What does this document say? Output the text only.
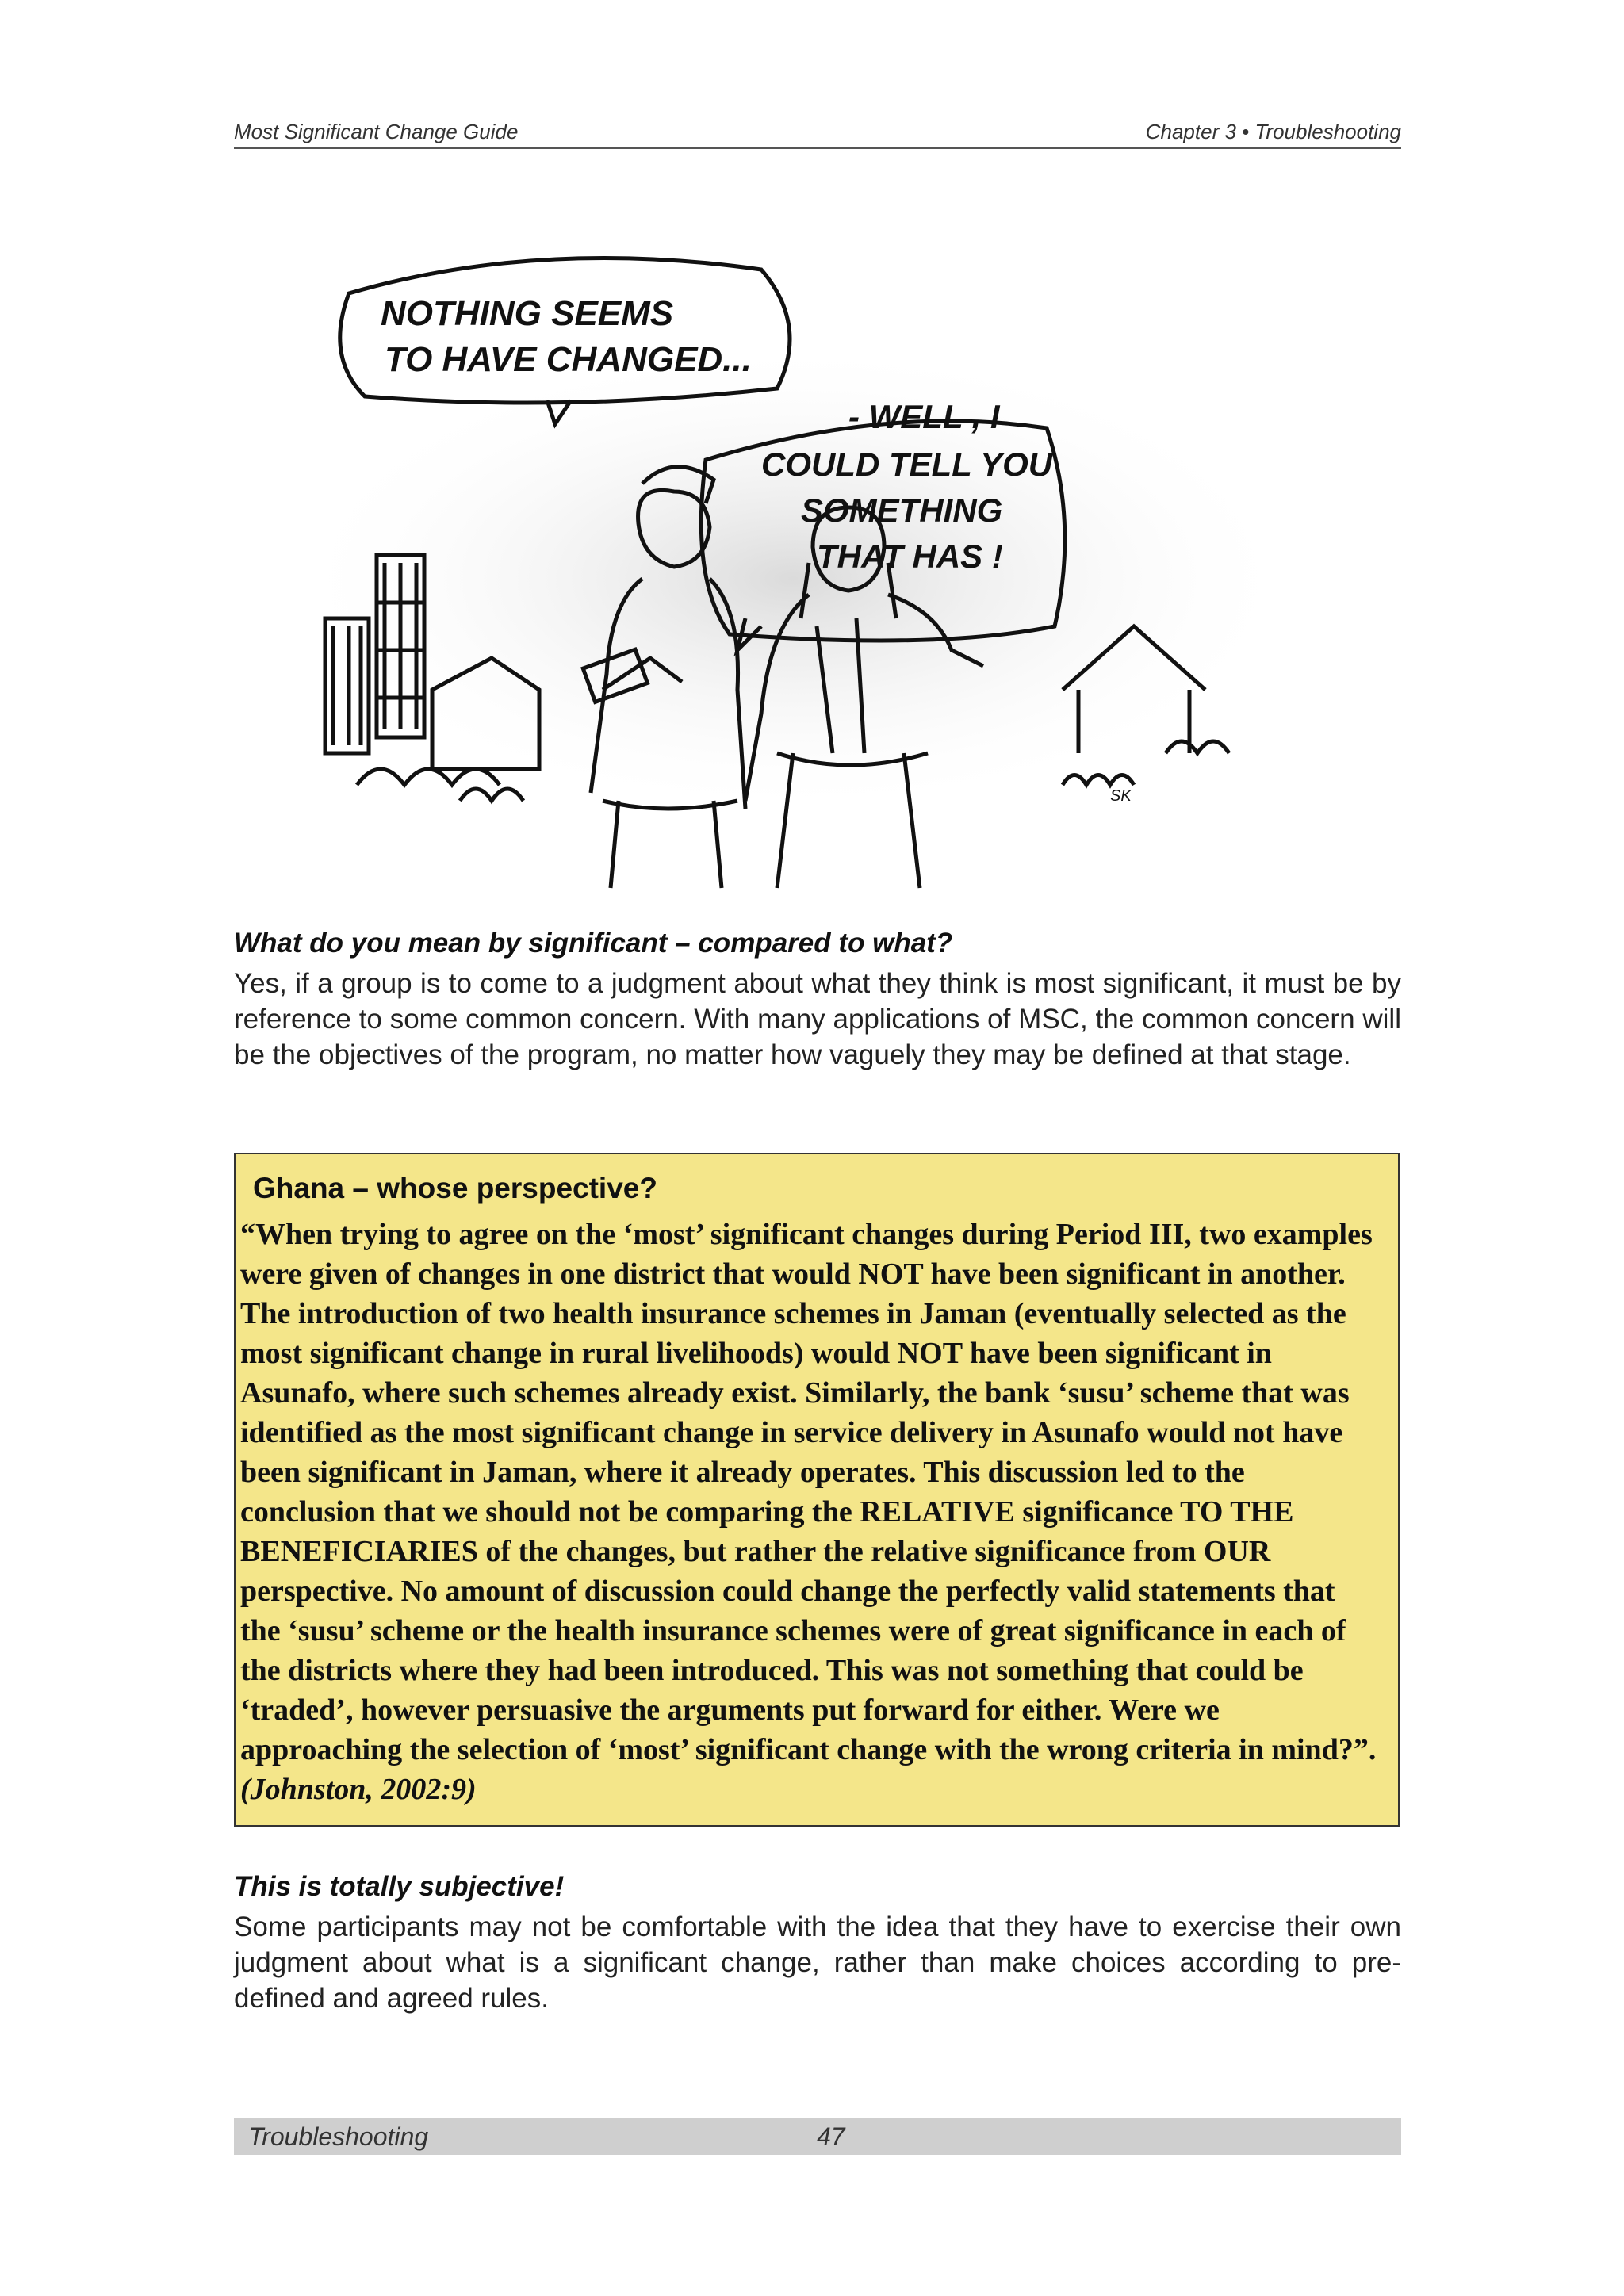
Most Significant Change Guide	Chapter 3 • Troubleshooting
NOTHING SEEMS
TO HAVE CHANGED...
- WELL , I
COULD TELL YOU
SOMETHING
THAT HAS !
SK
What do you mean by significant – compared to what?
Yes, if a group is to come to a judgment about what they think is most significant, it must be by reference to some common concern. With many applications of MSC, the common concern will be the objectives of the program, no matter how vaguely they may be defined at that stage.
Ghana – whose perspective?
“When trying to agree on the ‘most’ significant changes during Period III, two examples were given of changes in one district that would NOT have been significant in another. The introduction of two health insurance schemes in Jaman (eventually selected as the most significant change in rural livelihoods) would NOT have been significant in Asunafo, where such schemes already exist. Similarly, the bank ‘susu’ scheme that was identified as the most significant change in service delivery in Asunafo would not have been significant in Jaman, where it already operates. This discussion led to the conclusion that we should not be comparing the RELATIVE significance TO THE BENEFICIARIES of the changes, but rather the relative significance from OUR perspective. No amount of discussion could change the perfectly valid statements that the ‘susu’ scheme or the health insurance schemes were of great significance in each of the districts where they had been introduced. This was not something that could be ‘traded’, however persuasive the arguments put forward for either. Were we approaching the selection of ‘most’ significant change with the wrong criteria in mind?”. (Johnston, 2002:9)
This is totally subjective!
Some participants may not be comfortable with the idea that they have to exercise their own judgment about what is a significant change, rather than make choices according to pre-defined and agreed rules.
Troubleshooting	47
